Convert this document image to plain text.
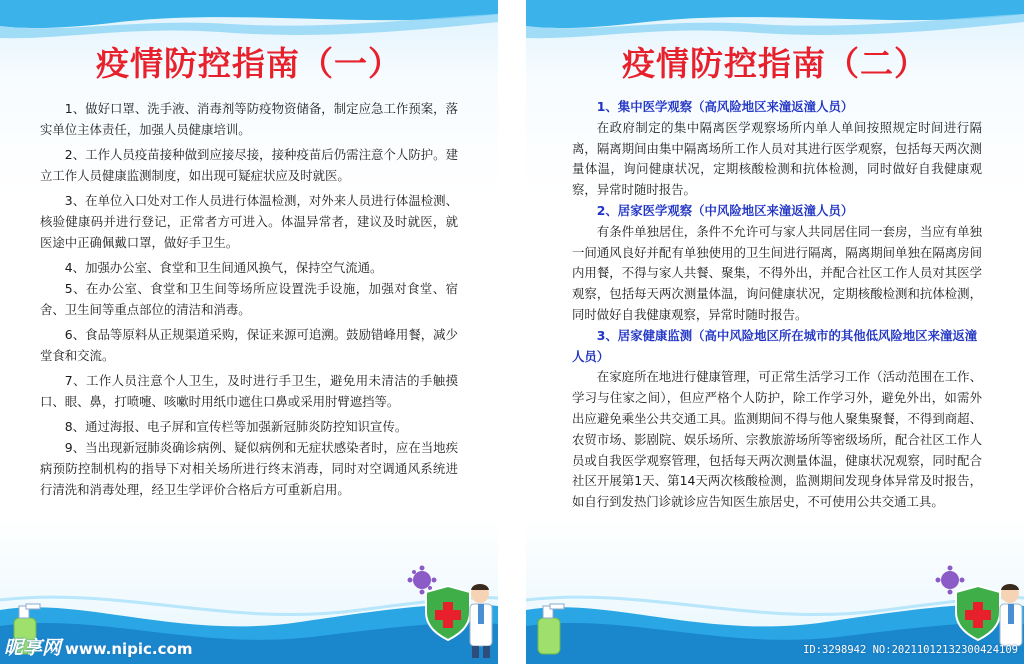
疫情防控指南（一）

1、做好口罩、洗手液、消毒剂等防疫物资储备，制定应急工作预案，落实单位主体责任，加强人员健康培训。

2、工作人员疫苗接种做到应接尽接，接种疫苗后仍需注意个人防护。建立工作人员健康监测制度，如出现可疑症状应及时就医。

3、在单位入口处对工作人员进行体温检测，对外来人员进行体温检测、核验健康码并进行登记，正常者方可进入。体温异常者，建议及时就医，就医途中正确佩戴口罩，做好手卫生。

4、加强办公室、食堂和卫生间通风换气，保持空气流通。

5、在办公室、食堂和卫生间等场所应设置洗手设施，加强对食堂、宿舍、卫生间等重点部位的清洁和消毒。

6、食品等原料从正规渠道采购，保证来源可追溯。鼓励错峰用餐，减少堂食和交流。

7、工作人员注意个人卫生，及时进行手卫生，避免用未清洁的手触摸口、眼、鼻，打喷嚏、咳嗽时用纸巾遮住口鼻或采用肘臂遮挡等。

8、通过海报、电子屏和宣传栏等加强新冠肺炎防控知识宣传。

9、当出现新冠肺炎确诊病例、疑似病例和无症状感染者时，应在当地疾病预防控制机构的指导下对相关场所进行终末消毒，同时对空调通风系统进行清洗和消毒处理，经卫生学评价合格后方可重新启用。

昵享网 www.nipic.com
疫情防控指南（二）
1、集中医学观察（高风险地区来潼返潼人员）

在政府制定的集中隔离医学观察场所内单人单间按照规定时间进行隔离，隔离期间由集中隔离场所工作人员对其进行医学观察，包括每天两次测量体温，询问健康状况，定期核酸检测和抗体检测，同时做好自我健康观察，异常时随时报告。

2、居家医学观察（中风险地区来潼返潼人员）

有条件单独居住，条件不允许可与家人共同居住同一套房，当应有单独一间通风良好并配有单独使用的卫生间进行隔离，隔离期间单独在隔离房间内用餐，不得与家人共餐、聚集，不得外出，并配合社区工作人员对其医学观察，包括每天两次测量体温，询问健康状况，定期核酸检测和抗体检测，同时做好自我健康观察，异常时随时报告。

3、居家健康监测（高中风险地区所在城市的其他低风险地区来潼返潼人员）

在家庭所在地进行健康管理，可正常生活学习工作（活动范围在工作、学习与住家之间），但应严格个人防护，除工作学习外，避免外出，如需外出应避免乘坐公共交通工具。监测期间不得与他人聚集聚餐，不得到商超、农贸市场、影剧院、娱乐场所、宗教旅游场所等密级场所，配合社区工作人员或自我医学观察管理，包括每天两次测量体温，健康状况观察，同时配合社区开展第1天、第14天两次核酸检测，监测期间发现身体异常及时报告，如自行到发热门诊就诊应告知医生旅居史，不可使用公共交通工具。

ID:3298942 NO:20211012132300424109
